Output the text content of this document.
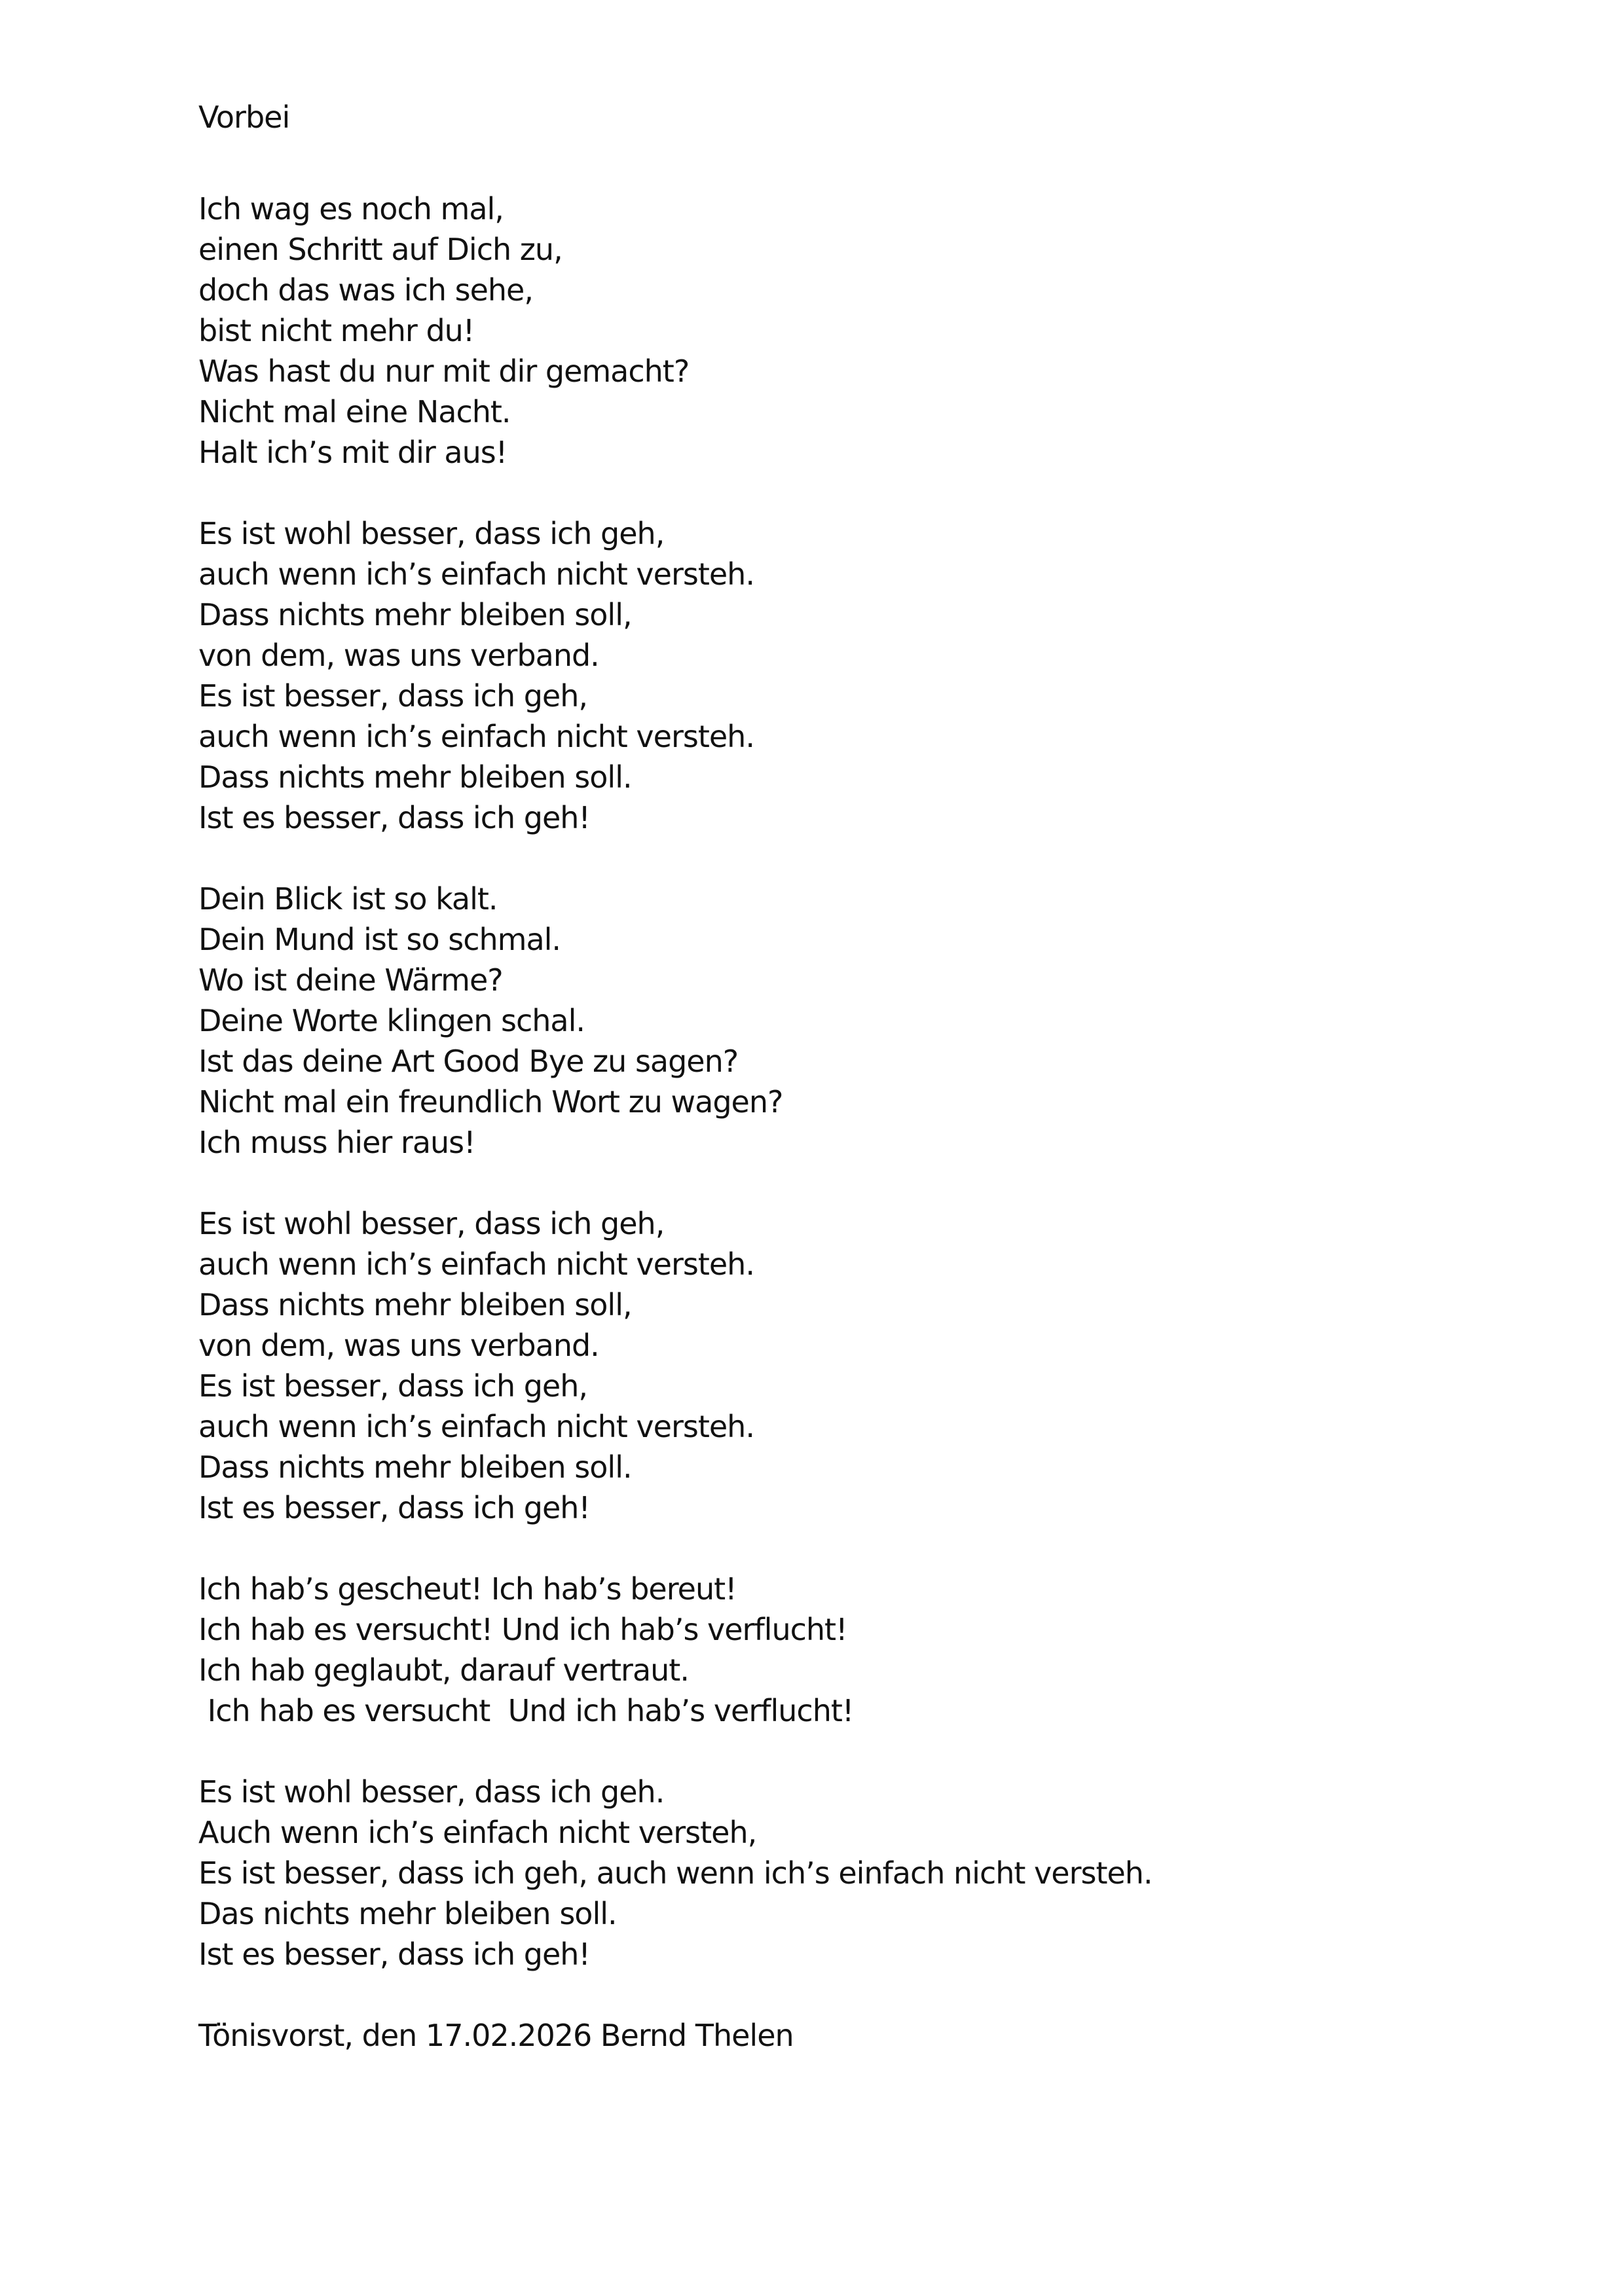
Vorbei
Ich wag es noch mal,
einen Schritt auf Dich zu,
doch das was ich sehe,
bist nicht mehr du!
Was hast du nur mit dir gemacht?
Nicht mal eine Nacht.
Halt ich’s mit dir aus!
Es ist wohl besser, dass ich geh,
auch wenn ich’s einfach nicht versteh.
Dass nichts mehr bleiben soll,
von dem, was uns verband.
Es ist besser, dass ich geh,
auch wenn ich’s einfach nicht versteh.
Dass nichts mehr bleiben soll.
Ist es besser, dass ich geh!
Dein Blick ist so kalt.
Dein Mund ist so schmal.
Wo ist deine Wärme?
Deine Worte klingen schal.
Ist das deine Art Good Bye zu sagen?
Nicht mal ein freundlich Wort zu wagen?
Ich muss hier raus!
Es ist wohl besser, dass ich geh,
auch wenn ich’s einfach nicht versteh.
Dass nichts mehr bleiben soll,
von dem, was uns verband.
Es ist besser, dass ich geh,
auch wenn ich’s einfach nicht versteh.
Dass nichts mehr bleiben soll.
Ist es besser, dass ich geh!
Ich hab’s gescheut! Ich hab’s bereut!
Ich hab es versucht! Und ich hab’s verflucht!
Ich hab geglaubt, darauf vertraut.
Ich hab es versucht  Und ich hab’s verflucht!
Es ist wohl besser, dass ich geh.
Auch wenn ich’s einfach nicht versteh,
Es ist besser, dass ich geh, auch wenn ich’s einfach nicht versteh.
Das nichts mehr bleiben soll.
Ist es besser, dass ich geh!
Tönisvorst, den 17.02.2026 Bernd Thelen
